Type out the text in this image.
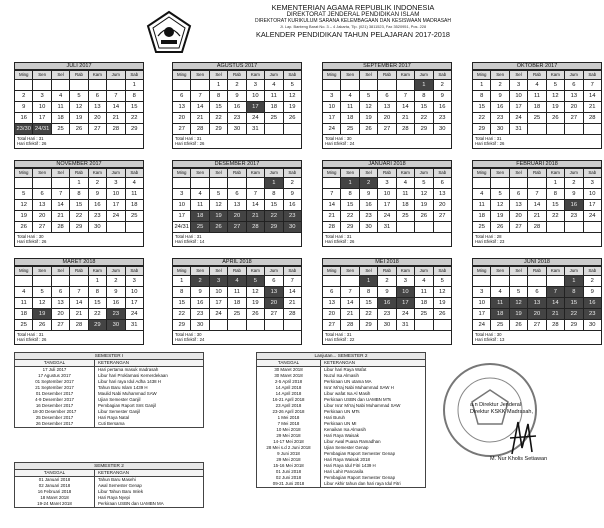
KEMENTERIAN AGAMA REPUBLIK INDONESIA
DIREKTORAT JENDERAL PENDIDIKAN ISLAM
DIREKTORAT KURIKULUM SARANA KELEMBAGAAN DAN KESISWAAN MADRASAH
Jl. Lap. Banteng Barat No. 3 – 4 Jakarta, Tlp. (021) 3811523, Fax 3520951, Pos. 228
KALENDER PENDIDIKAN TAHUN PELAJARAN 2017-2018
JULI 2017
Ming	Sen	Sel	Rab	Kam	Jum	Sab
						1
2	3	4	5	6	7	8
9	10	11	12	13	14	15
16	17	18	19	20	21	22
23/30	24/31	25	26	27	28	29
Total Hari : 31
Hari Efektif : 26
AGUSTUS 2017
Ming	Sen	Sel	Rab	Kam	Jum	Sab
		1	2	3	4	5
6	7	8	9	10	11	12
13	14	15	16	17	18	19
20	21	22	23	24	25	26
27	28	29	30	31		
Total Hari : 31
Hari Efektif : 26
SEPTEMBER 2017
Ming	Sen	Sel	Rab	Kam	Jum	Sab
					1	2
3	4	5	6	7	8	9
10	11	12	13	14	15	16
17	18	19	20	21	22	23
24	25	26	27	28	29	30
Total Hari : 30
Hari Efektif : 24
OKTOBER 2017
Ming	Sen	Sel	Rab	Kam	Jum	Sab
1	2	3	4	5	6	7
8	9	10	11	12	13	14
15	16	17	18	19	20	21
22	23	24	25	26	27	28
29	30	31				
Total Hari : 31
Hari Efektif : 26
NOVEMBER 2017
Ming	Sen	Sel	Rab	Kam	Jum	Sab
			1	2	3	4
5	6	7	8	9	10	11
12	13	14	15	16	17	18
19	20	21	22	23	24	25
26	27	28	29	30		
Total Hari : 30
Hari Efektif : 26
DESEMBER 2017
Ming	Sen	Sel	Rab	Kam	Jum	Sab
					1	2
3	4	5	6	7	8	9
10	11	12	13	14	15	16
17	18	19	20	21	22	23
24/31	25	26	27	28	29	30
Total Hari : 31
Hari Efektif : 14
JANUARI 2018
Ming	Sen	Sel	Rab	Kam	Jum	Sab
	1	2	3	4	5	6
7	8	9	10	11	12	13
14	15	16	17	18	19	20
21	22	23	24	25	26	27
28	29	30	31			
Total Hari : 31
Hari Efektif : 26
FEBRUARI 2018
Ming	Sen	Sel	Rab	Kam	Jum	Sab
				1	2	3
4	5	6	7	8	9	10
11	12	13	14	15	16	17
18	19	20	21	22	23	24
25	26	27	28			
Total Hari : 28
Hari Efektif : 23
MARET 2018
Ming	Sen	Sel	Rab	Kam	Jum	Sab
				1	2	3
4	5	6	7	8	9	10
11	12	13	14	15	16	17
18	19	20	21	22	23	24
25	26	27	28	29	30	31
Total Hari : 31
Hari Efektif : 26
APRIL 2018
Ming	Sen	Sel	Rab	Kam	Jum	Sab
1	2	3	4	5	6	7
8	9	10	11	12	13	14
15	16	17	18	19	20	21
22	23	24	25	26	27	28
29	30					
Total Hari : 30
Hari Efektif : 24
MEI 2018
Ming	Sen	Sel	Rab	Kam	Jum	Sab
		1	2	3	4	5
6	7	8	9	10	11	12
13	14	15	16	17	18	19
20	21	22	23	24	25	26
27	28	29	30	31		
Total Hari : 31
Hari Efektif : 22
JUNI 2018
Ming	Sen	Sel	Rab	Kam	Jum	Sab
					1	2
3	4	5	6	7	8	9
10	11	12	13	14	15	16
17	18	19	20	21	22	23
24	25	26	27	28	29	30
Total Hari : 30
Hari Efektif : 13
SEMESTER I
TANGGAL	KETERANGAN
17 Juli 2017	Hari pertama masuk madrasah
17 Agustus 2017	Libur hari Proklamasi Kemerdekaan
01 September 2017	Libur hari raya Idul Adha 1438 H
21 September 2017	Tahun Baru Islam 1439 H
01 Desember 2017	Maulid Nabi Muhammad SAW
4-9 Desember 2017	Ujian Semester Ganjil
16 Desember 2017	Pembagian Raport Smt Ganjil
18-30 Desember 2017	Libur Semester Ganjil
25 Desember 2017	Hari Raya Natal
26 Desember 2017	Cuti Bersama
SEMESTER 2
TANGGAL	KETERANGAN
01 Januari 2018	Tahun Baru Masehi
02 Januari 2018	Awal Semester Genap
16 Februari 2018	Libur Tahun Baru Imlek
18 Maret 2018	Hari Raya Nyepi
19-24 Maret 2018	Perkiraan USBN dan UAMBN MA
Lanjutan... SEMESTER 2
TANGGAL	KETERANGAN
30 Maret 2018	Libur hari Raya Wafat
30 Maret 2018	Nuzul Isa Almasih
2-5 April 2018	Perkiraan UN utama MA
14 April 2018	Isra' Mi'raj Nabi Muhammad SAW H
14 April 2018	Libur wafat Isa Al Masih
16-21 April 2018	Perkiraan USBN dan UAMBN MTs
23 April 2018	Libur Isra' Mi'raj Nabi Muhammad SAW
23-26 April 2018	Perkiraan UN MTs
1 Mei 2018	Hari Buruh
7 Mei 2018	Perkiraan UN MI
10 Mei 2018	Kenaikan Isa Almasih
29 Mei 2018	Hari Raya Waisak
14-17 Mei 2018	Libur Awal Puasa Ramadhan
28 Mei s.d 2 Juni 2018	Ujian Semester Genap
9 Juni 2018	Pembagian Raport Semester Genap
29 Mei 2018	Hari Raya Waisak 2018
15-16 Mei 2018	Hari Raya Idul Fitri 1439 H
01 Juni 2018	Hari Lahir Pancasila
02 Juni 2018	Pembagian Raport Semester Genap
09-21 Juni 2018	Libur Akhir tahun dan hari raya Idul Fitri
a.n Direktur Jenderal
Direktur KSKK Madrasah,
M. Nur Kholis Setiawan
